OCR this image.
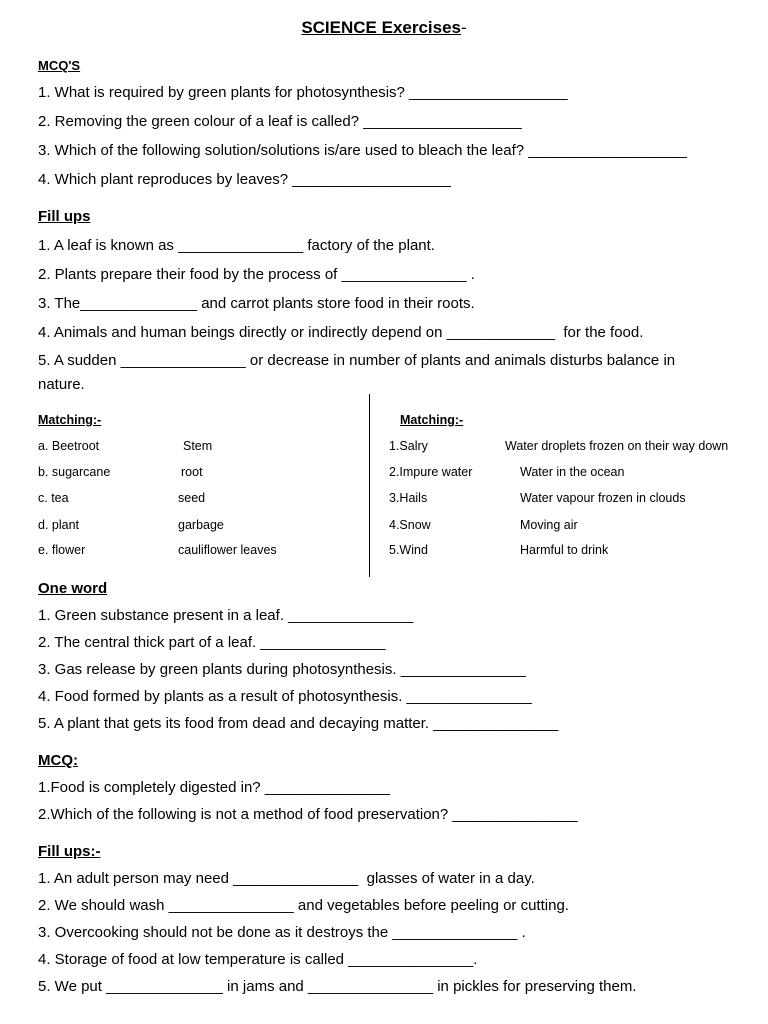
SCIENCE Exercises-
MCQ'S
1. What is required by green plants for photosynthesis? ___________________
2. Removing the green colour of a leaf is called? ___________________
3. Which of the following solution/solutions is/are used to bleach the leaf? ___________________
4. Which plant reproduces by leaves? ___________________
Fill ups
1. A leaf is known as _______________ factory of the plant.
2. Plants prepare their food by the process of _______________ .
3. The______________ and carrot plants store food in their roots.
4. Animals and human beings directly or indirectly depend on _____________  for the food.
5. A sudden _______________ or decrease in number of plants and animals disturbs balance in
nature.
Matching:-
a. Beetroot
b. sugarcane
c. tea
d. plant
e. flower
Stem
root
seed
garbage
cauliflower leaves
Matching:-
1.Salry
2.Impure water
3.Hails
4.Snow
5.Wind
Water droplets frozen on their way down
Water in the ocean
Water vapour frozen in clouds
Moving air
Harmful to drink
One word
1. Green substance present in a leaf. _______________
2. The central thick part of a leaf. _______________
3. Gas release by green plants during photosynthesis. _______________
4. Food formed by plants as a result of photosynthesis. _______________
5. A plant that gets its food from dead and decaying matter. _______________
MCQ:
1.Food is completely digested in? _______________
2.Which of the following is not a method of food preservation? _______________
Fill ups:-
1. An adult person may need _______________  glasses of water in a day.
2. We should wash _______________ and vegetables before peeling or cutting.
3. Overcooking should not be done as it destroys the _______________ .
4. Storage of food at low temperature is called _______________.
5. We put ______________ in jams and _______________ in pickles for preserving them.
